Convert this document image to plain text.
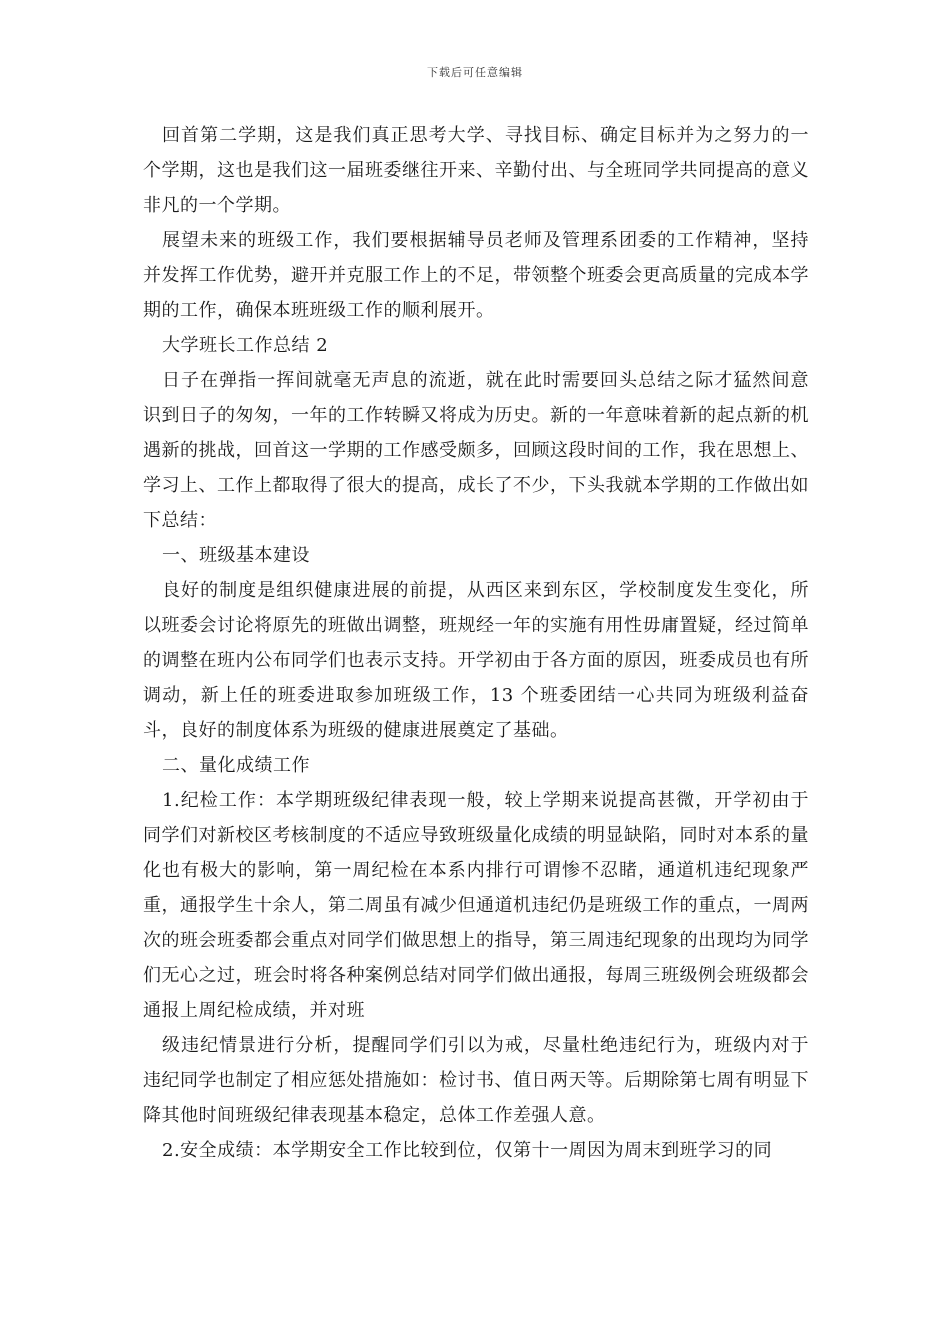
下载后可任意编辑

回首第二学期，这是我们真正思考大学、寻找目标、确定目标并为之努力的一个学期，这也是我们这一届班委继往开来、辛勤付出、与全班同学共同提高的意义非凡的一个学期。

展望未来的班级工作，我们要根据辅导员老师及管理系团委的工作精神，坚持并发挥工作优势，避开并克服工作上的不足，带领整个班委会更高质量的完成本学期的工作，确保本班班级工作的顺利展开。

大学班长工作总结 2

日子在弹指一挥间就毫无声息的流逝，就在此时需要回头总结之际才猛然间意识到日子的匆匆，一年的工作转瞬又将成为历史。新的一年意味着新的起点新的机遇新的挑战，回首这一学期的工作感受颇多，回顾这段时间的工作，我在思想上、学习上、工作上都取得了很大的提高，成长了不少，下头我就本学期的工作做出如下总结：

一、班级基本建设

良好的制度是组织健康进展的前提，从西区来到东区，学校制度发生变化，所以班委会讨论将原先的班做出调整，班规经一年的实施有用性毋庸置疑，经过简单的调整在班内公布同学们也表示支持。开学初由于各方面的原因，班委成员也有所调动，新上任的班委进取参加班级工作，13 个班委团结一心共同为班级利益奋斗，良好的制度体系为班级的健康进展奠定了基础。

二、量化成绩工作

1.纪检工作：本学期班级纪律表现一般，较上学期来说提高甚微，开学初由于同学们对新校区考核制度的不适应导致班级量化成绩的明显缺陷，同时对本系的量化也有极大的影响，第一周纪检在本系内排行可谓惨不忍睹，通道机违纪现象严重，通报学生十余人，第二周虽有减少但通道机违纪仍是班级工作的重点，一周两次的班会班委都会重点对同学们做思想上的指导，第三周违纪现象的出现均为同学们无心之过，班会时将各种案例总结对同学们做出通报，每周三班级例会班级都会通报上周纪检成绩，并对班

级违纪情景进行分析，提醒同学们引以为戒，尽量杜绝违纪行为，班级内对于违纪同学也制定了相应惩处措施如：检讨书、值日两天等。后期除第七周有明显下降其他时间班级纪律表现基本稳定，总体工作差强人意。

2.安全成绩：本学期安全工作比较到位，仅第十一周因为周末到班学习的同
